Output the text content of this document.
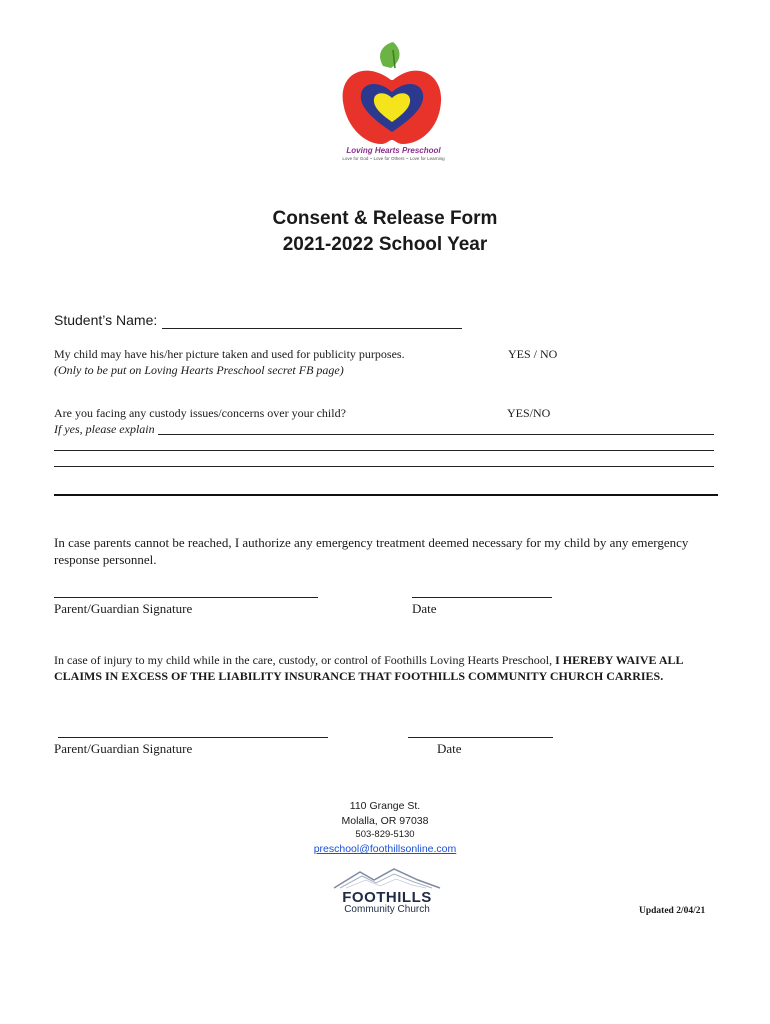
Loving Hearts Preschool
Love for God ~ Love for Others ~ Love for Learning
Consent & Release Form
2021-2022 School Year
Student’s Name:
My child may have his/her picture taken and used for publicity purposes.
(Only to be put on Loving Hearts Preschool secret FB page)
YES / NO
Are you facing any custody issues/concerns over your child?	YES/NO
If yes, please explain
In case parents cannot be reached, I authorize any emergency treatment deemed necessary for my child by any emergency response personnel.
Parent/Guardian Signature	Date
In case of injury to my child while in the care, custody, or control of Foothills Loving Hearts Preschool, I HEREBY WAIVE ALL CLAIMS IN EXCESS OF THE LIABILITY INSURANCE THAT FOOTHILLS COMMUNITY CHURCH CARRIES.
Parent/Guardian Signature	Date
110 Grange St.
Molalla, OR 97038
503-829-5130
preschool@foothillsonline.com
FOOTHILLS
Community Church	Updated 2/04/21
